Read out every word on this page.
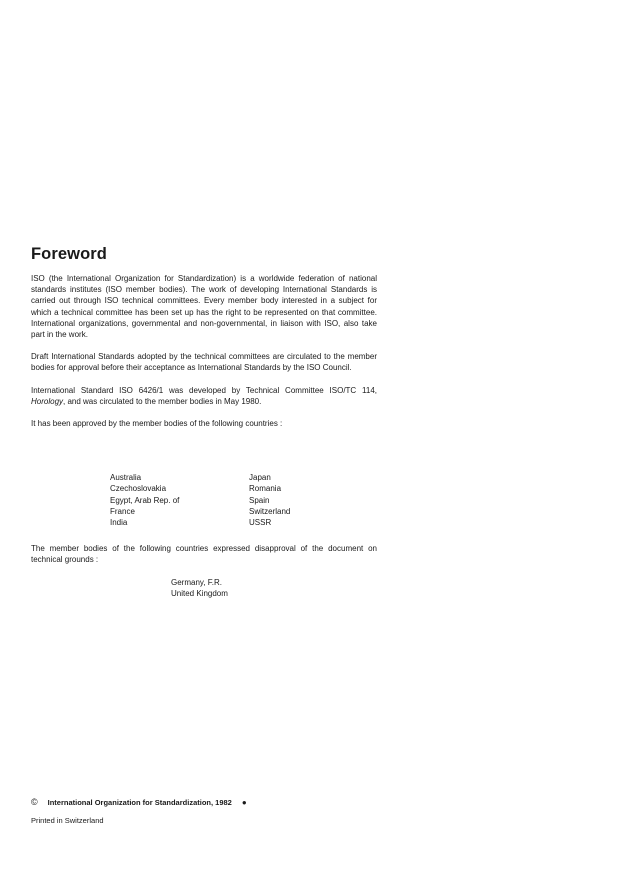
Foreword

ISO (the International Organization for Standardization) is a worldwide federation of national standards institutes (ISO member bodies). The work of developing International Standards is carried out through ISO technical committees. Every member body interested in a subject for which a technical committee has been set up has the right to be represented on that committee. International organizations, governmental and non-governmental, in liaison with ISO, also take part in the work.

Draft International Standards adopted by the technical committees are circulated to the member bodies for approval before their acceptance as International Standards by the ISO Council.

International Standard ISO 6426/1 was developed by Technical Committee ISO/TC 114, Horology, and was circulated to the member bodies in May 1980.

It has been approved by the member bodies of the following countries :

Australia
Czechoslovakia
Egypt, Arab Rep. of
France
India
Japan
Romania
Spain
Switzerland
USSR

The member bodies of the following countries expressed disapproval of the document on technical grounds :

Germany, F.R.
United Kingdom
© International Organization for Standardization, 1982 ●
Printed in Switzerland
